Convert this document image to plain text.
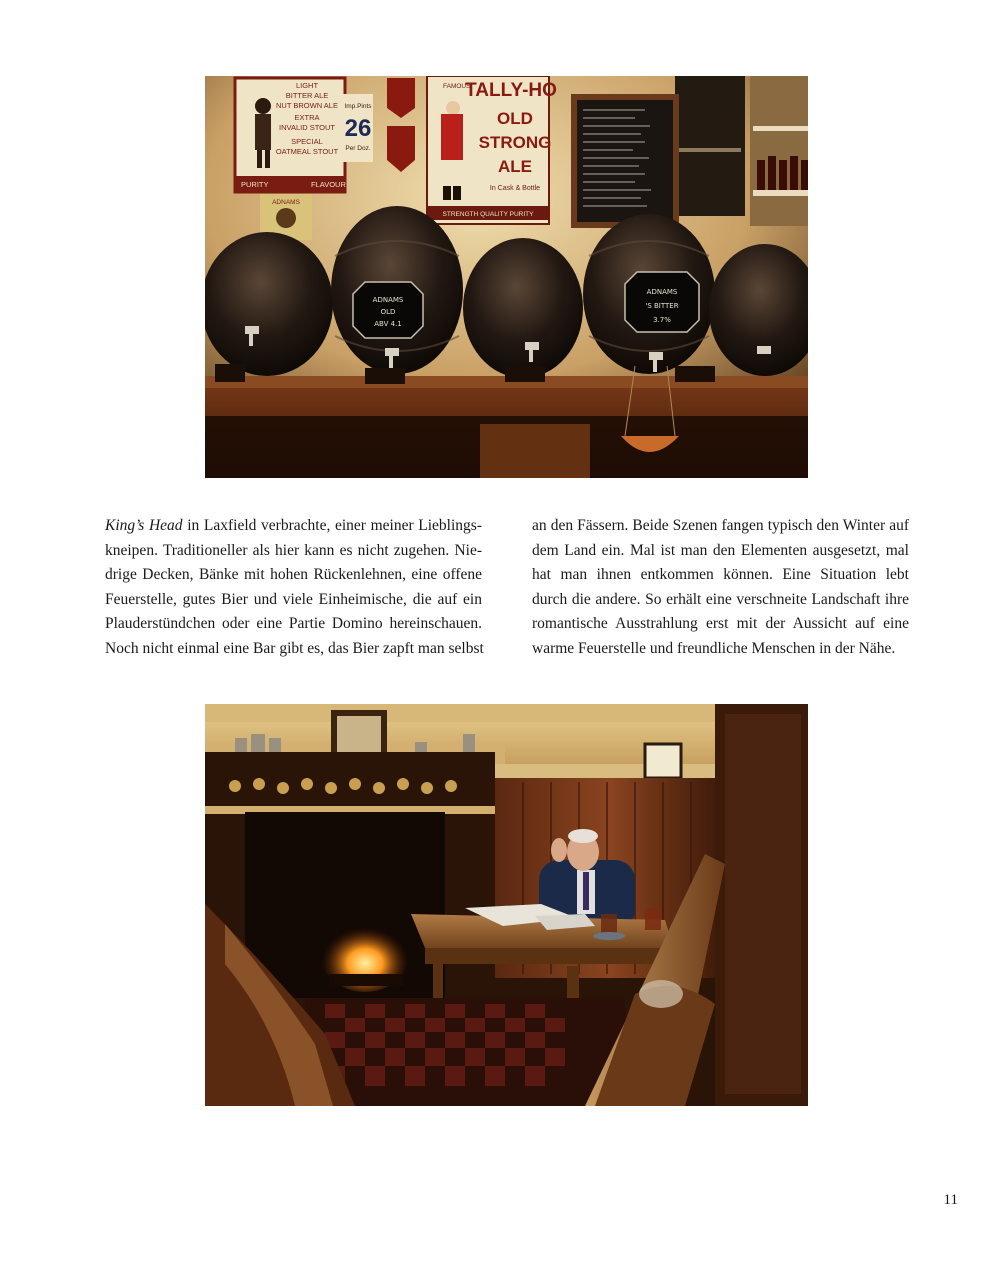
LIGHT
BITTER ALE
NUT BROWN ALE
EXTRA
INVALID STOUT
SPECIAL
OATMEAL STOUT
PURITY	FLAVOUR
Imp.Pints
26
Per Doz.
ADNAMS
FAMOUS
TALLY-HO
OLD
STRONG
ALE
In Cask & Bottle
STRENGTH QUALITY PURITY
ADNAMS
OLD
ABV 4.1
ADNAMS
'S BITTER
3.7%

King’s Head in Laxfield verbrachte, einer meiner Lieblings-
kneipen. Traditioneller als hier kann es nicht zugehen. Nie-
drige Decken, Bänke mit hohen Rückenlehnen, eine offene
Feuerstelle, gutes Bier und viele Einheimische, die auf ein
Plauderstündchen oder eine Partie Domino hereinschauen.
Noch nicht einmal eine Bar gibt es, das Bier zapft man selbst

an den Fässern. Beide Szenen fangen typisch den Winter auf
dem Land ein. Mal ist man den Elementen ausgesetzt, mal
hat man ihnen entkommen können. Eine Situation lebt
durch die andere. So erhält eine verschneite Landschaft ihre
romantische Ausstrahlung erst mit der Aussicht auf eine
warme Feuerstelle und freundliche Menschen in der Nähe.

11
